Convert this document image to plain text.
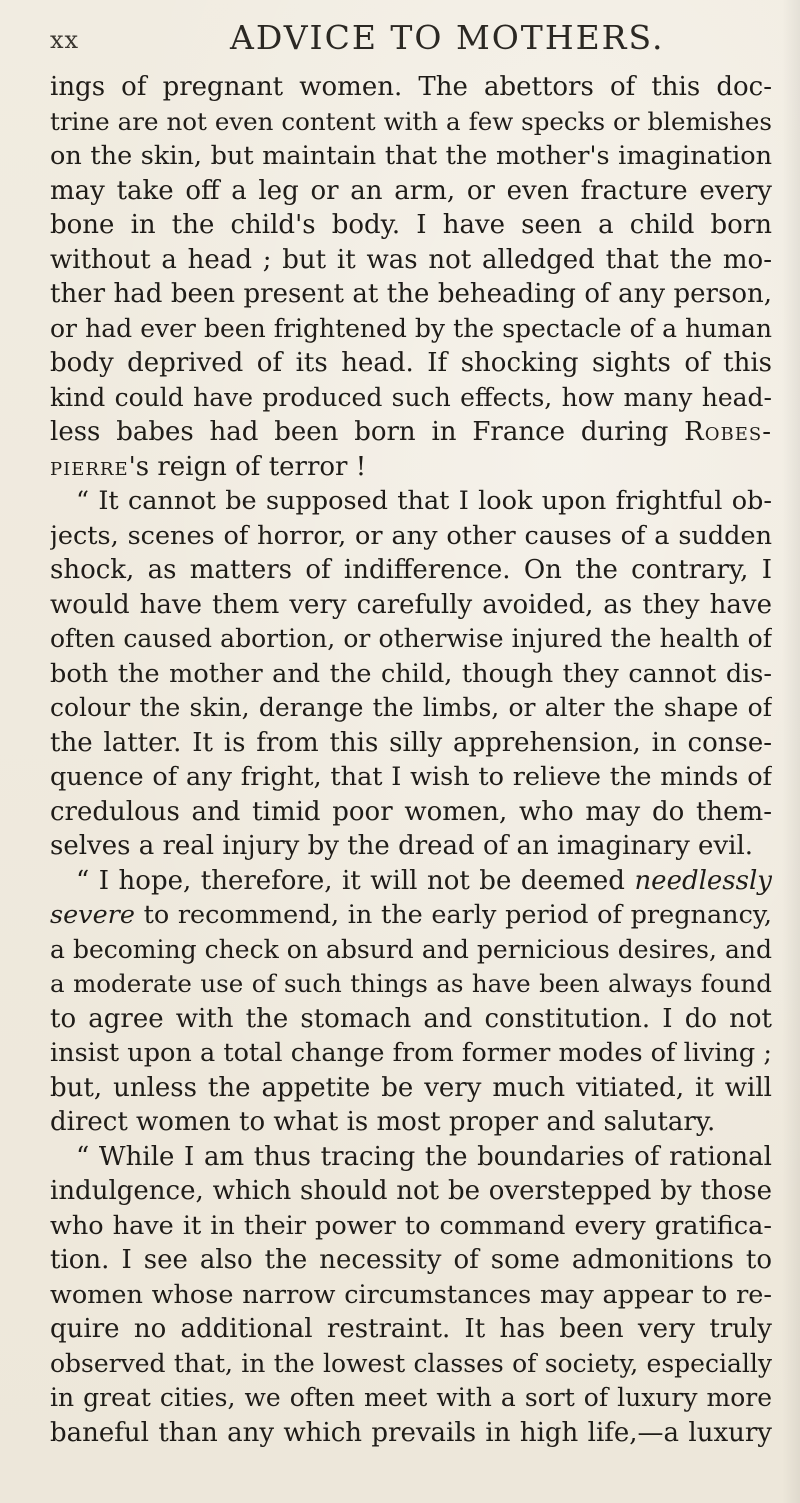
xx	ADVICE TO MOTHERS.
ings of pregnant women. The abettors of this doc-
trine are not even content with a few specks or blemishes
on the skin, but maintain that the mother's imagination
may take off a leg or an arm, or even fracture every
bone in the child's body. I have seen a child born
without a head ; but it was not alledged that the mo-
ther had been present at the beheading of any person,
or had ever been frightened by the spectacle of a human
body deprived of its head. If shocking sights of this
kind could have produced such effects, how many head-
less babes had been born in France during Robes-
pierre's reign of terror !
“ It cannot be supposed that I look upon frightful ob-
jects, scenes of horror, or any other causes of a sudden
shock, as matters of indifference. On the contrary, I
would have them very carefully avoided, as they have
often caused abortion, or otherwise injured the health of
both the mother and the child, though they cannot dis-
colour the skin, derange the limbs, or alter the shape of
the latter. It is from this silly apprehension, in conse-
quence of any fright, that I wish to relieve the minds of
credulous and timid poor women, who may do them-
selves a real injury by the dread of an imaginary evil.
“ I hope, therefore, it will not be deemed needlessly
severe to recommend, in the early period of pregnancy,
a becoming check on absurd and pernicious desires, and
a moderate use of such things as have been always found
to agree with the stomach and constitution. I do not
insist upon a total change from former modes of living ;
but, unless the appetite be very much vitiated, it will
direct women to what is most proper and salutary.
“ While I am thus tracing the boundaries of rational
indulgence, which should not be overstepped by those
who have it in their power to command every gratifica-
tion. I see also the necessity of some admonitions to
women whose narrow circumstances may appear to re-
quire no additional restraint. It has been very truly
observed that, in the lowest classes of society, especially
in great cities, we often meet with a sort of luxury more
baneful than any which prevails in high life,—a luxury
